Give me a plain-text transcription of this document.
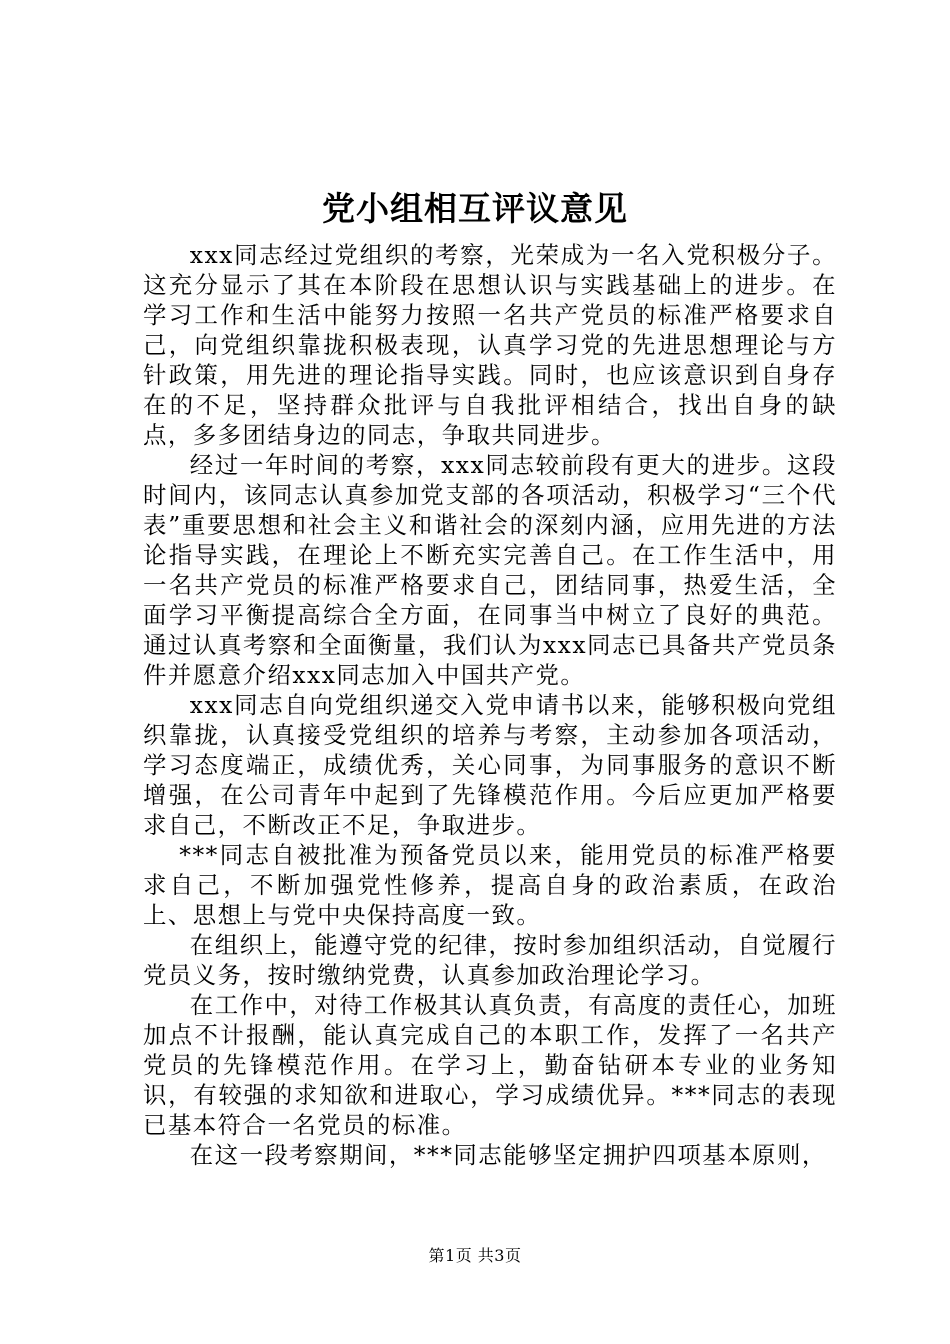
党小组相互评议意见

xxx同志经过党组织的考察，光荣成为一名入党积极分子。这充分显示了其在本阶段在思想认识与实践基础上的进步。在学习工作和生活中能努力按照一名共产党员的标准严格要求自己，向党组织靠拢积极表现，认真学习党的先进思想理论与方针政策，用先进的理论指导实践。同时，也应该意识到自身存在的不足，坚持群众批评与自我批评相结合，找出自身的缺点，多多团结身边的同志，争取共同进步。

经过一年时间的考察，xxx同志较前段有更大的进步。这段时间内，该同志认真参加党支部的各项活动，积极学习“三个代表”重要思想和社会主义和谐社会的深刻内涵，应用先进的方法论指导实践，在理论上不断充实完善自己。在工作生活中，用一名共产党员的标准严格要求自己，团结同事，热爱生活，全面学习平衡提高综合全方面，在同事当中树立了良好的典范。通过认真考察和全面衡量，我们认为xxx同志已具备共产党员条件并愿意介绍xxx同志加入中国共产党。

xxx同志自向党组织递交入党申请书以来，能够积极向党组织靠拢，认真接受党组织的培养与考察，主动参加各项活动，学习态度端正，成绩优秀，关心同事，为同事服务的意识不断增强，在公司青年中起到了先锋模范作用。今后应更加严格要求自己，不断改正不足，争取进步。

***同志自被批准为预备党员以来，能用党员的标准严格要求自己，不断加强党性修养，提高自身的政治素质，在政治上、思想上与党中央保持高度一致。

在组织上，能遵守党的纪律，按时参加组织活动，自觉履行党员义务，按时缴纳党费，认真参加政治理论学习。

在工作中，对待工作极其认真负责，有高度的责任心，加班加点不计报酬，能认真完成自己的本职工作，发挥了一名共产党员的先锋模范作用。在学习上，勤奋钻研本专业的业务知识，有较强的求知欲和进取心，学习成绩优异。***同志的表现已基本符合一名党员的标准。

在这一段考察期间，***同志能够坚定拥护四项基本原则，

第1页 共3页
